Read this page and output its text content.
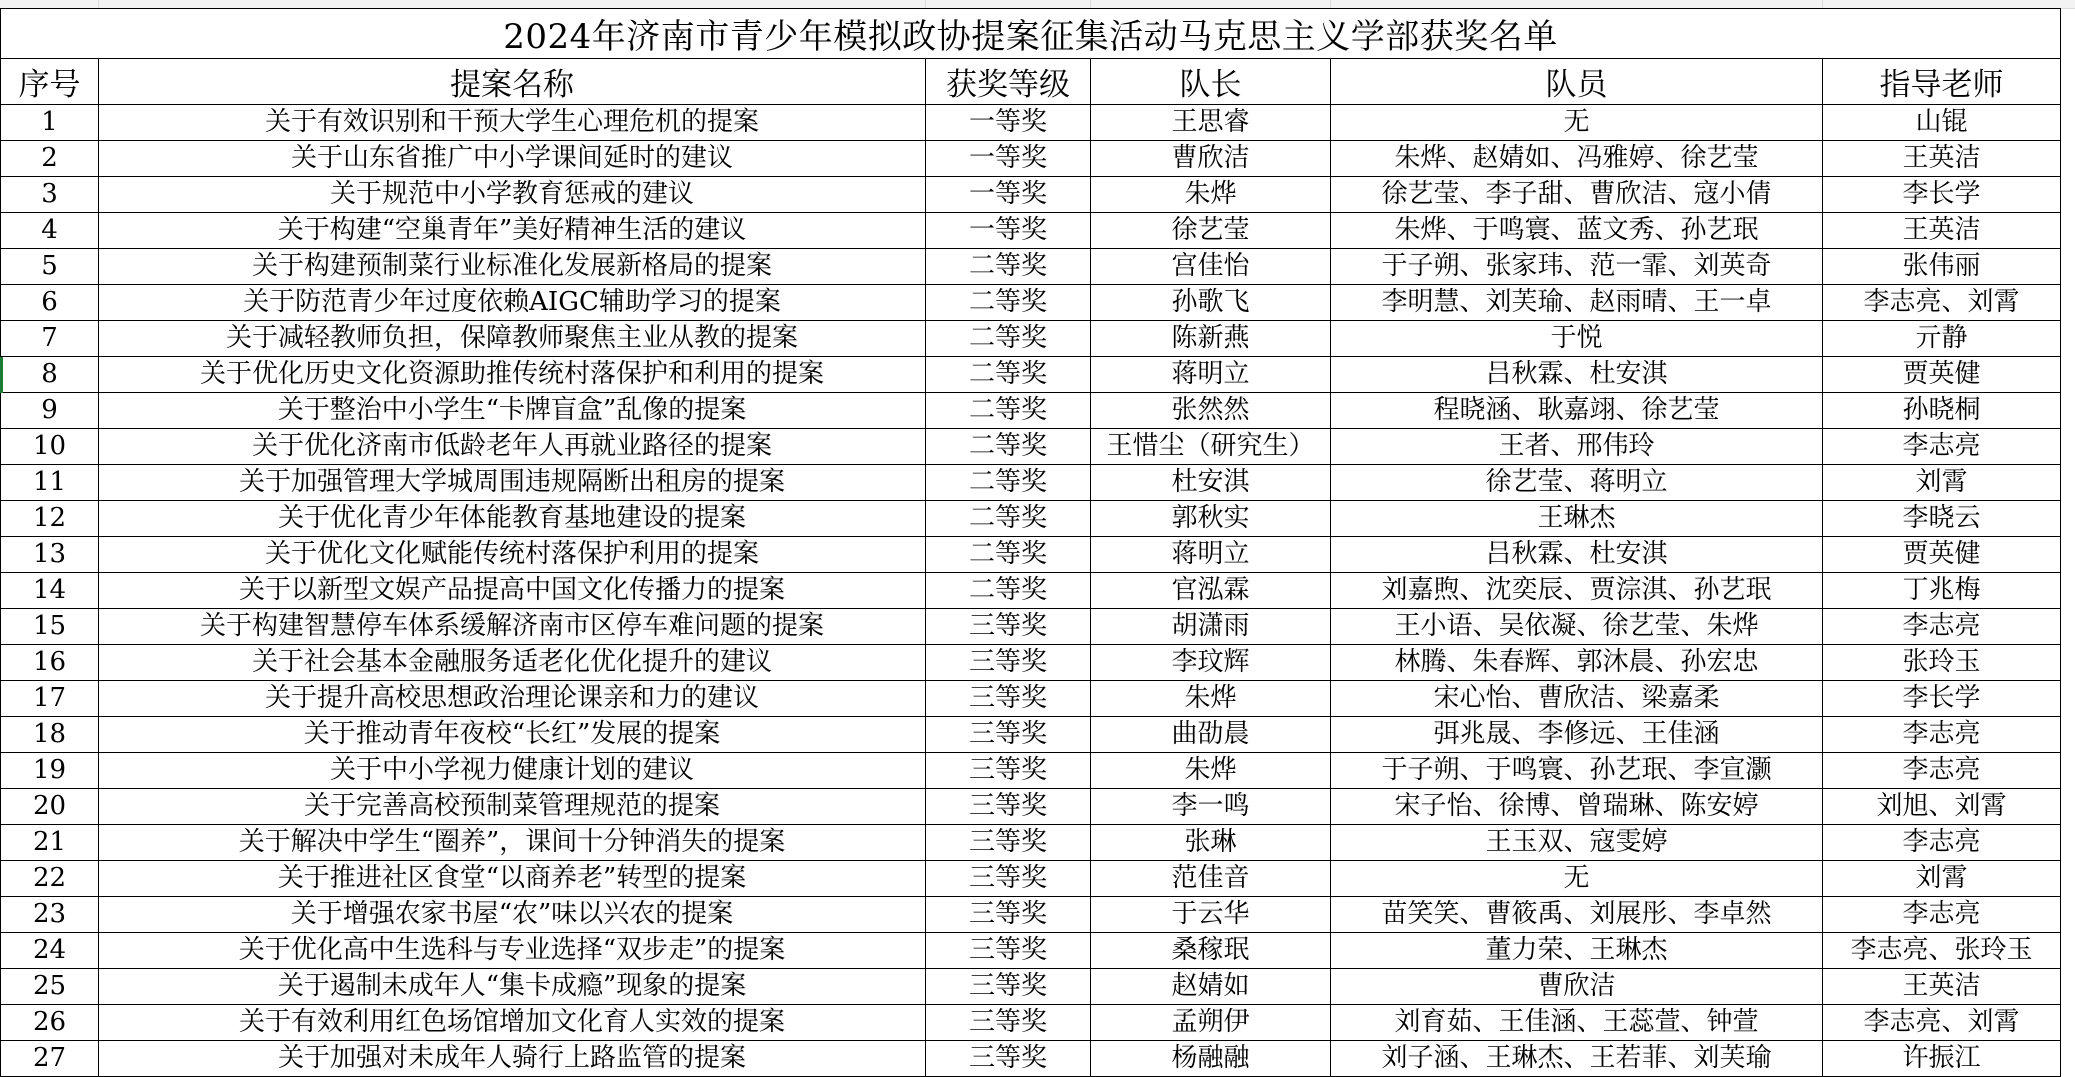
2024年济南市青少年模拟政协提案征集活动马克思主义学部获奖名单					
序号	提案名称	获奖等级	队长	队员	指导老师
1	关于有效识别和干预大学生心理危机的提案	一等奖	王思睿	无	山锟
2	关于山东省推广中小学课间延时的建议	一等奖	曹欣洁	朱烨、赵婧如、冯雅婷、徐艺莹	王英洁
3	关于规范中小学教育惩戒的建议	一等奖	朱烨	徐艺莹、李子甜、曹欣洁、寇小倩	李长学
4	关于构建“空巢青年”美好精神生活的建议	一等奖	徐艺莹	朱烨、于鸣寰、蓝文秀、孙艺珉	王英洁
5	关于构建预制菜行业标准化发展新格局的提案	二等奖	宫佳怡	于子朔、张家玮、范一霏、刘英奇	张伟丽
6	关于防范青少年过度依赖AIGC辅助学习的提案	二等奖	孙歌飞	李明慧、刘芙瑜、赵雨晴、王一卓	李志亮、刘霄
7	关于减轻教师负担，保障教师聚焦主业从教的提案	二等奖	陈新燕	于悦	亓静
8	关于优化历史文化资源助推传统村落保护和利用的提案	二等奖	蒋明立	吕秋霖、杜安淇	贾英健
9	关于整治中小学生“卡牌盲盒”乱像的提案	二等奖	张然然	程晓涵、耿嘉翊、徐艺莹	孙晓桐
10	关于优化济南市低龄老年人再就业路径的提案	二等奖	王惜尘（研究生）	王者、邢伟玲	李志亮
11	关于加强管理大学城周围违规隔断出租房的提案	二等奖	杜安淇	徐艺莹、蒋明立	刘霄
12	关于优化青少年体能教育基地建设的提案	二等奖	郭秋实	王琳杰	李晓云
13	关于优化文化赋能传统村落保护利用的提案	二等奖	蒋明立	吕秋霖、杜安淇	贾英健
14	关于以新型文娱产品提高中国文化传播力的提案	二等奖	官泓霖	刘嘉煦、沈奕辰、贾淙淇、孙艺珉	丁兆梅
15	关于构建智慧停车体系缓解济南市区停车难问题的提案	三等奖	胡潇雨	王小语、吴依凝、徐艺莹、朱烨	李志亮
16	关于社会基本金融服务适老化优化提升的建议	三等奖	李玟辉	林腾、朱春辉、郭沐晨、孙宏忠	张玲玉
17	关于提升高校思想政治理论课亲和力的建议	三等奖	朱烨	宋心怡、曹欣洁、梁嘉柔	李长学
18	关于推动青年夜校“长红”发展的提案	三等奖	曲劭晨	弭兆晟、李修远、王佳涵	李志亮
19	关于中小学视力健康计划的建议	三等奖	朱烨	于子朔、于鸣寰、孙艺珉、李宣灏	李志亮
20	关于完善高校预制菜管理规范的提案	三等奖	李一鸣	宋子怡、徐博、曾瑞琳、陈安婷	刘旭、刘霄
21	关于解决中学生“圈养”，课间十分钟消失的提案	三等奖	张琳	王玉双、寇雯婷	李志亮
22	关于推进社区食堂“以商养老”转型的提案	三等奖	范佳音	无	刘霄
23	关于增强农家书屋“农”味以兴农的提案	三等奖	于云华	苗笑笑、曹筱禹、刘展彤、李卓然	李志亮
24	关于优化高中生选科与专业选择“双步走”的提案	三等奖	桑稼珉	董力荣、王琳杰	李志亮、张玲玉
25	关于遏制未成年人“集卡成瘾”现象的提案	三等奖	赵婧如	曹欣洁	王英洁
26	关于有效利用红色场馆增加文化育人实效的提案	三等奖	孟朔伊	刘育茹、王佳涵、王蕊萱、钟萱	李志亮、刘霄
27	关于加强对未成年人骑行上路监管的提案	三等奖	杨融融	刘子涵、王琳杰、王若菲、刘芙瑜	许振江
